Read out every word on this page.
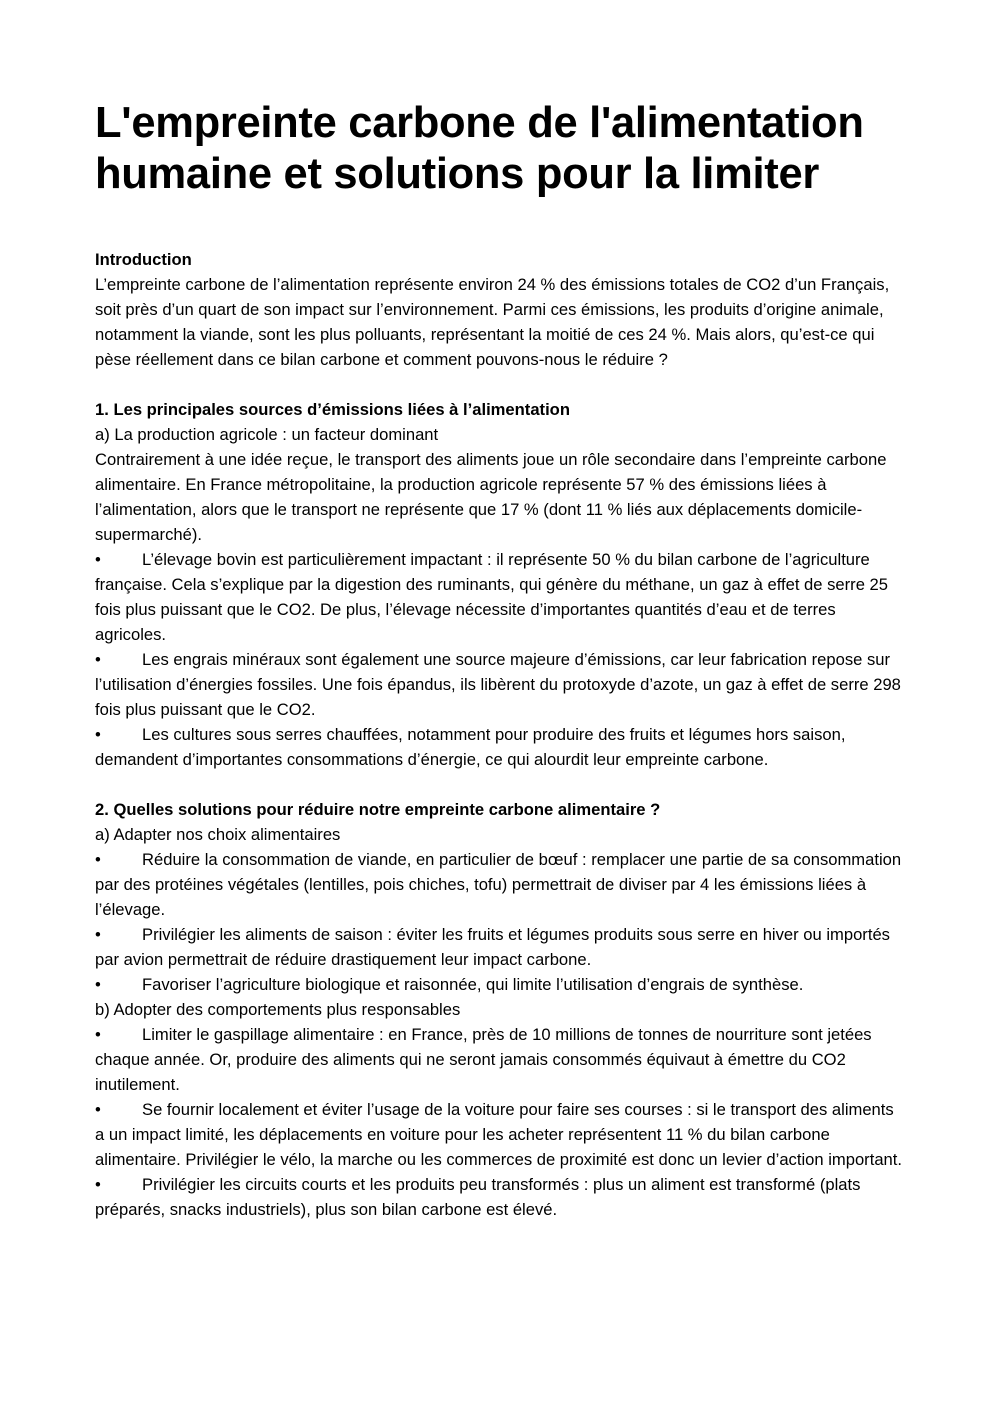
L'empreinte carbone de l'alimentation humaine et solutions pour la limiter

Introduction

L’empreinte carbone de l’alimentation représente environ 24 % des émissions totales de CO2 d’un Français, soit près d’un quart de son impact sur l’environnement. Parmi ces émissions, les produits d’origine animale, notamment la viande, sont les plus polluants, représentant la moitié de ces 24 %. Mais alors, qu’est-ce qui pèse réellement dans ce bilan carbone et comment pouvons-nous le réduire ?

1. Les principales sources d’émissions liées à l’alimentation

a) La production agricole : un facteur dominant

Contrairement à une idée reçue, le transport des aliments joue un rôle secondaire dans l’empreinte carbone alimentaire. En France métropolitaine, la production agricole représente 57 % des émissions liées à l’alimentation, alors que le transport ne représente que 17 % (dont 11 % liés aux déplacements domicile-supermarché).

• L’élevage bovin est particulièrement impactant : il représente 50 % du bilan carbone de l’agriculture française. Cela s’explique par la digestion des ruminants, qui génère du méthane, un gaz à effet de serre 25 fois plus puissant que le CO2. De plus, l’élevage nécessite d’importantes quantités d’eau et de terres agricoles.

• Les engrais minéraux sont également une source majeure d’émissions, car leur fabrication repose sur l’utilisation d’énergies fossiles. Une fois épandus, ils libèrent du protoxyde d’azote, un gaz à effet de serre 298 fois plus puissant que le CO2.

• Les cultures sous serres chauffées, notamment pour produire des fruits et légumes hors saison, demandent d’importantes consommations d’énergie, ce qui alourdit leur empreinte carbone.

2. Quelles solutions pour réduire notre empreinte carbone alimentaire ?

a) Adapter nos choix alimentaires

• Réduire la consommation de viande, en particulier de bœuf : remplacer une partie de sa consommation par des protéines végétales (lentilles, pois chiches, tofu) permettrait de diviser par 4 les émissions liées à l’élevage.

• Privilégier les aliments de saison : éviter les fruits et légumes produits sous serre en hiver ou importés par avion permettrait de réduire drastiquement leur impact carbone.

• Favoriser l’agriculture biologique et raisonnée, qui limite l’utilisation d’engrais de synthèse.

b) Adopter des comportements plus responsables

• Limiter le gaspillage alimentaire : en France, près de 10 millions de tonnes de nourriture sont jetées chaque année. Or, produire des aliments qui ne seront jamais consommés équivaut à émettre du CO2 inutilement.

• Se fournir localement et éviter l’usage de la voiture pour faire ses courses : si le transport des aliments a un impact limité, les déplacements en voiture pour les acheter représentent 11 % du bilan carbone alimentaire. Privilégier le vélo, la marche ou les commerces de proximité est donc un levier d’action important.

• Privilégier les circuits courts et les produits peu transformés : plus un aliment est transformé (plats préparés, snacks industriels), plus son bilan carbone est élevé.
